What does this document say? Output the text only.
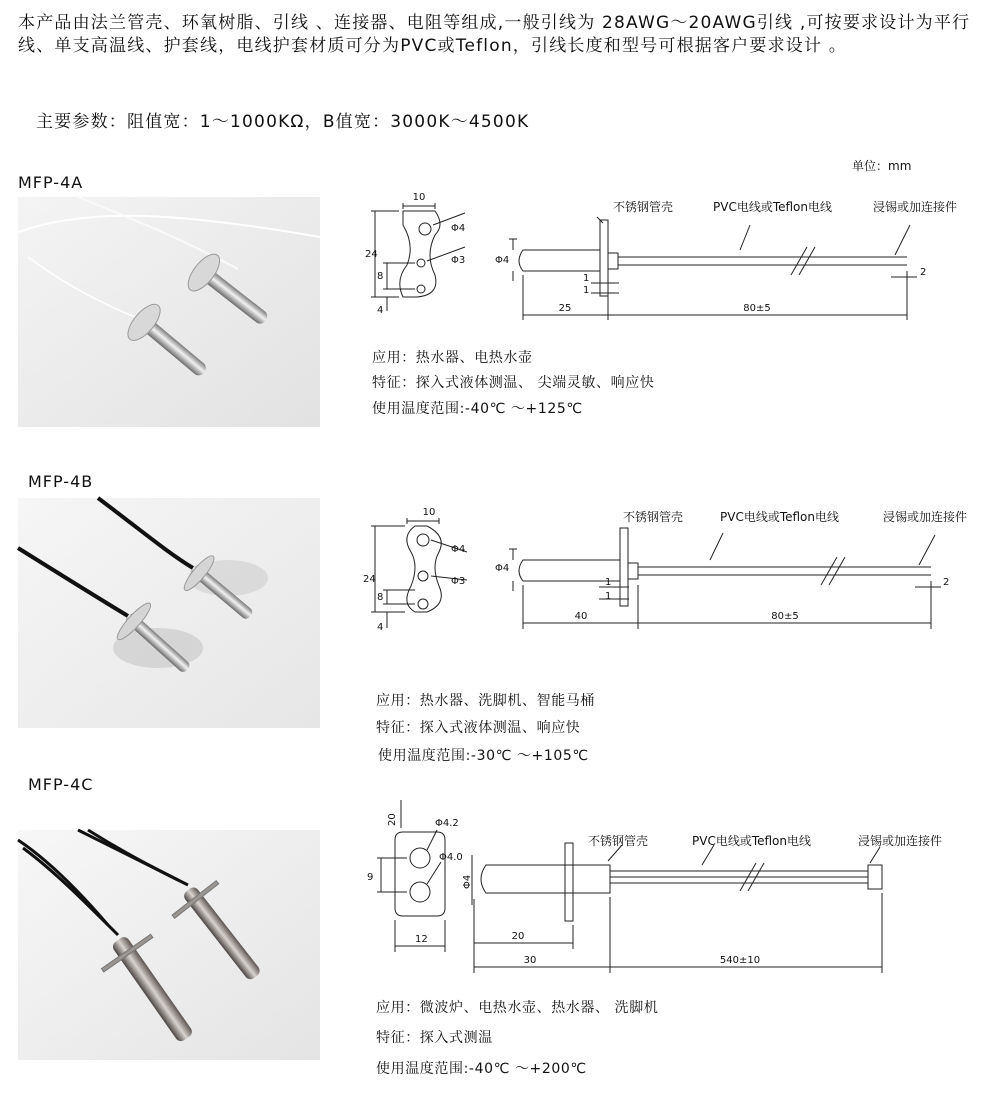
本产品由法兰管壳、环氧树脂、引线 、连接器、电阻等组成,一般引线为 28AWG～20AWG引线 ,可按要求设计为平行线、单支高温线、护套线，电线护套材质可分为PVC或Teflon，引线长度和型号可根据客户要求设计 。

主要参数：阻值宽：1～1000KΩ，B值宽：3000K～4500K
单位：mm
MFP-4A
10
24
8
4
Φ4
Φ3
不锈钢管壳	PVC电线或Teflon电线	浸锡或加连接件
Φ4
1
1
25	80±5
2
应用：热水器、电热水壶
特征：探入式液体测温、 尖端灵敏、响应快
使用温度范围:-40℃ ～+125℃
MFP-4B
10
24
8
4
Φ4
Φ3
不锈钢管壳	PVC电线或Teflon电线	浸锡或加连接件
Φ4
1
1
40	80±5
2
应用：热水器、洗脚机、智能马桶
特征：探入式液体测温、响应快
使用温度范围:-30℃ ～+105℃
MFP-4C
20	Φ4.2
Φ4.0
9
12
不锈钢管壳	PVC电线或Teflon电线	浸锡或加连接件
Φ4
20
30	540±10
应用：微波炉、电热水壶、热水器、 洗脚机
特征：探入式测温
使用温度范围:-40℃ ～+200℃
